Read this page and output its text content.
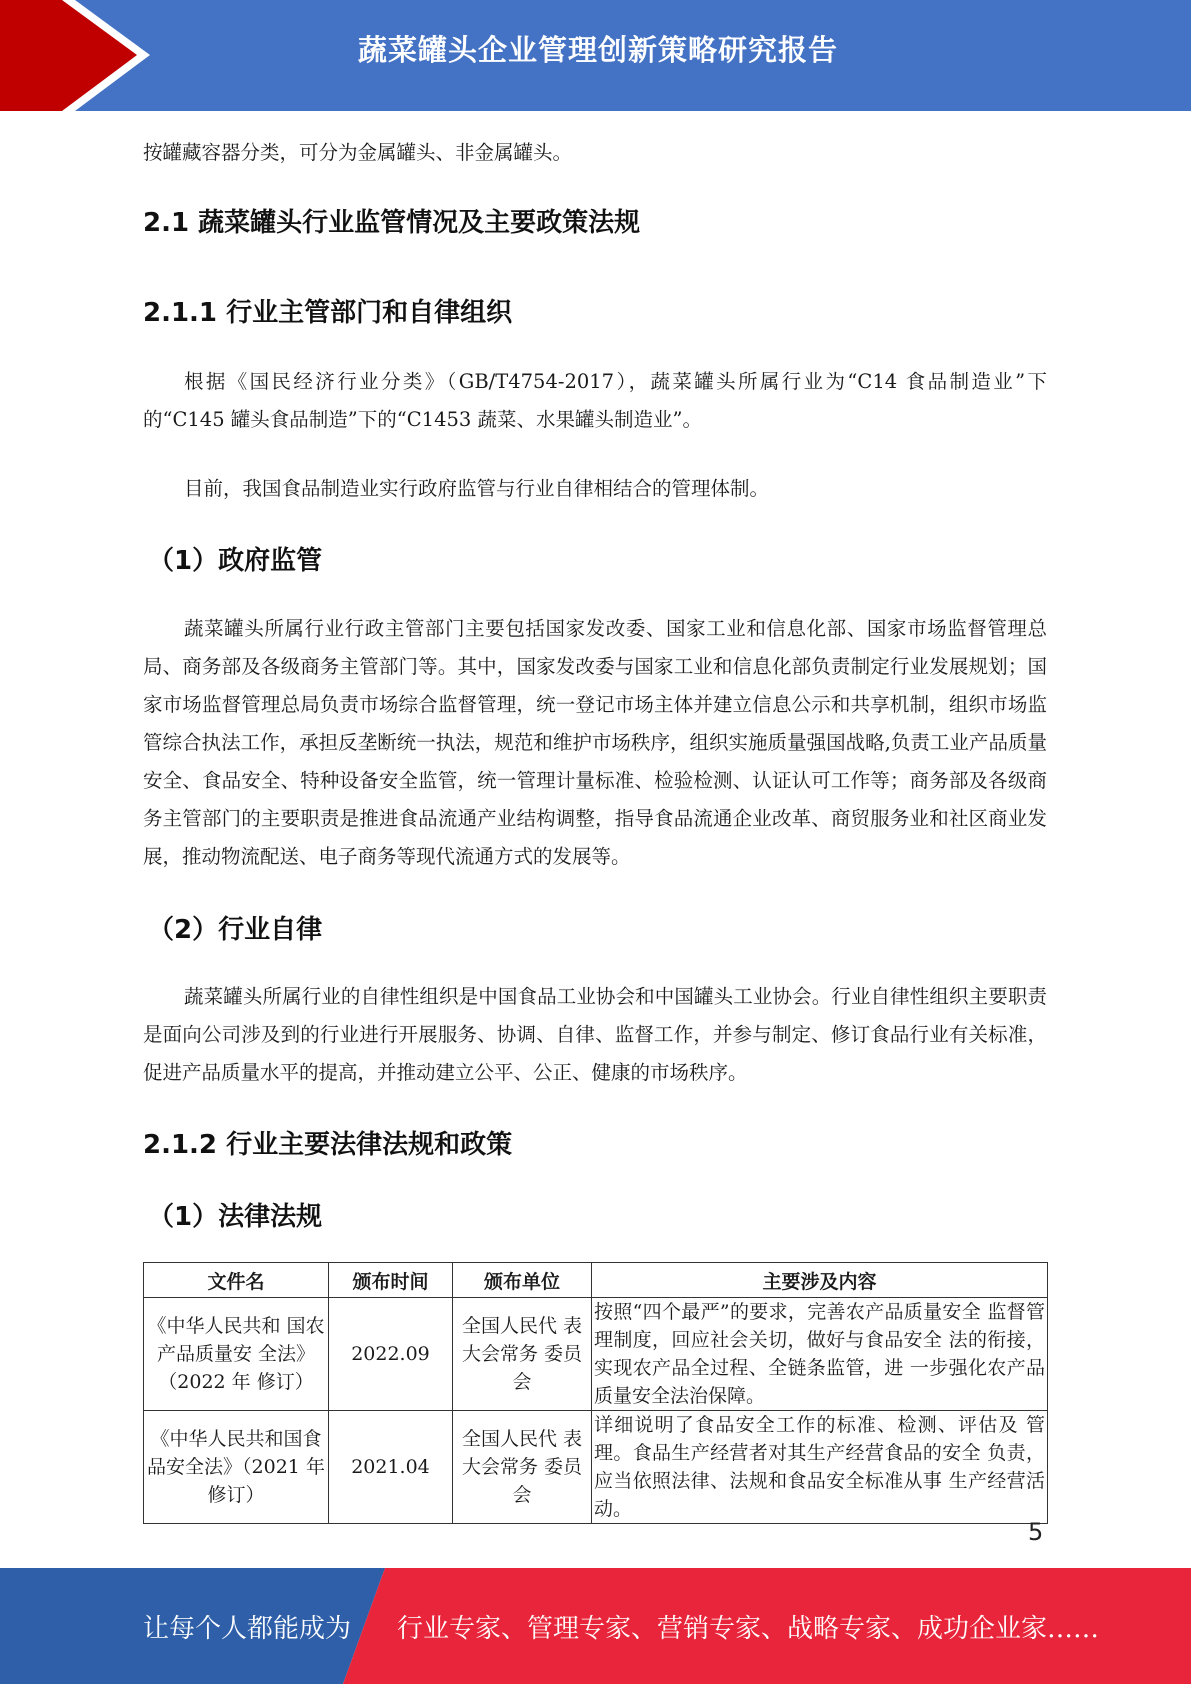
蔬菜罐头企业管理创新策略研究报告

按罐藏容器分类，可分为金属罐头、非金属罐头。

2.1 蔬菜罐头行业监管情况及主要政策法规
2.1.1 行业主管部门和自律组织

根据《国民经济行业分类》（GB/T4754-2017），蔬菜罐头所属行业为“C14 食品制造业”下的“C145 罐头食品制造”下的“C1453 蔬菜、水果罐头制造业”。

目前，我国食品制造业实行政府监管与行业自律相结合的管理体制。

（1）政府监管

蔬菜罐头所属行业行政主管部门主要包括国家发改委、国家工业和信息化部、国家市场监督管理总局、商务部及各级商务主管部门等。其中，国家发改委与国家工业和信息化部负责制定行业发展规划；国家市场监督管理总局负责市场综合监督管理，统一登记市场主体并建立信息公示和共享机制，组织市场监管综合执法工作，承担反垄断统一执法，规范和维护市场秩序，组织实施质量强国战略,负责工业产品质量安全、食品安全、特种设备安全监管，统一管理计量标准、检验检测、认证认可工作等；商务部及各级商务主管部门的主要职责是推进食品流通产业结构调整，指导食品流通企业改革、商贸服务业和社区商业发展，推动物流配送、电子商务等现代流通方式的发展等。

（2）行业自律

蔬菜罐头所属行业的自律性组织是中国食品工业协会和中国罐头工业协会。行业自律性组织主要职责是面向公司涉及到的行业进行开展服务、协调、自律、监督工作，并参与制定、修订食品行业有关标准，促进产品质量水平的提高，并推动建立公平、公正、健康的市场秩序。

2.1.2 行业主要法律法规和政策
（1）法律法规
文件名	颁布时间	颁布单位	主要涉及内容
《中华人民共和 国农产品质量安 全法》（2022 年 修订）	2022.09	全国人民代 表大会常务 委员会	按照“四个最严”的要求，完善农产品质量安全 监督管理制度，回应社会关切，做好与食品安全 法的衔接，实现农产品全过程、全链条监管，进 一步强化农产品质量安全法治保障。
《中华人民共和国食品安全法》（2021 年修订）	2021.04	全国人民代 表大会常务 委员会	详细说明了食品安全工作的标准、检测、评估及 管理。食品生产经营者对其生产经营食品的安全 负责，应当依照法律、法规和食品安全标准从事 生产经营活动。
5
让每个人都能成为 行业专家、管理专家、营销专家、战略专家、成功企业家……
